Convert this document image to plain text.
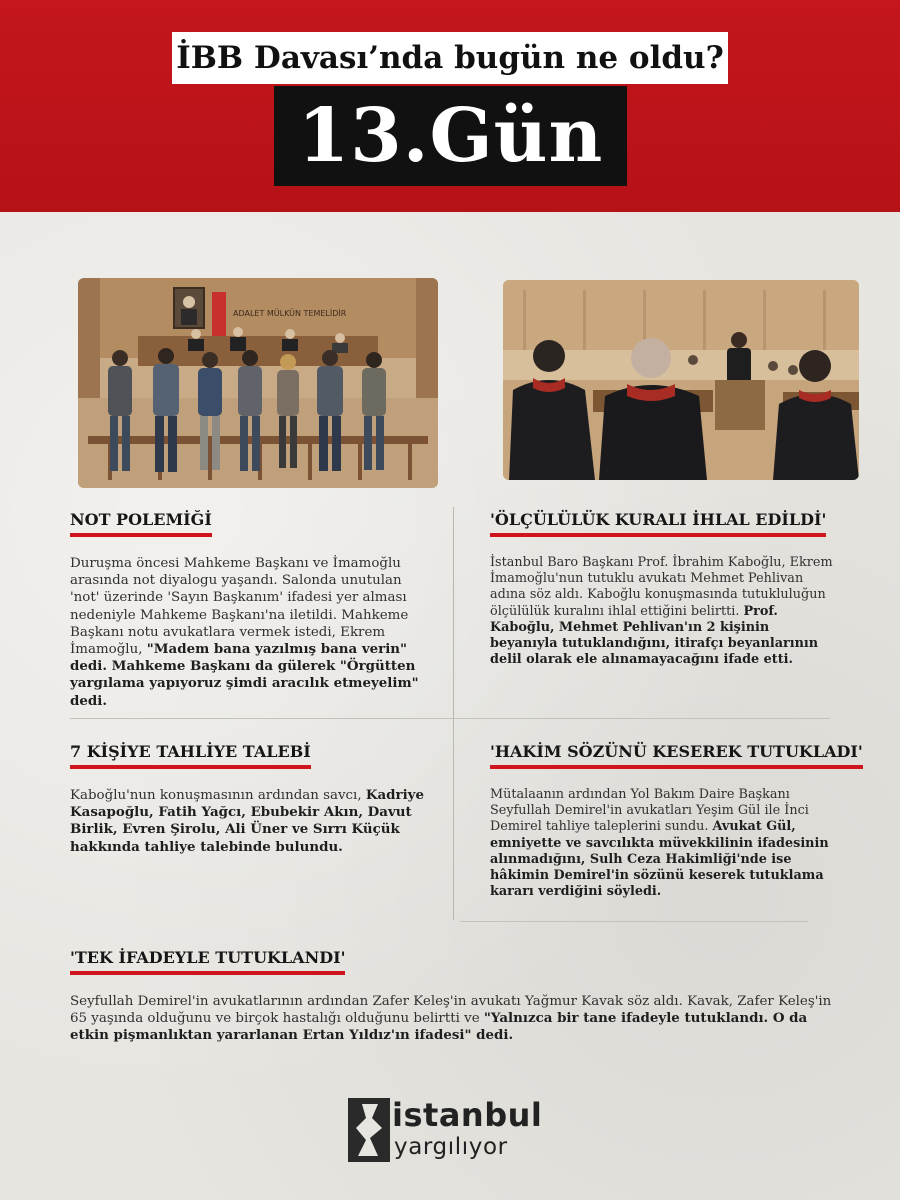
İBB Davası’nda bugün ne oldu?
13.Gün
ADALET MÜLKÜN TEMELİDİR
NOT POLEMİĞİ
Duruşma öncesi Mahkeme Başkanı ve İmamoğlu arasında not diyalogu yaşandı. Salonda unutulan 'not' üzerinde 'Sayın Başkanım' ifadesi yer alması nedeniyle Mahkeme Başkanı'na iletildi. Mahkeme Başkanı notu avukatlara vermek istedi, Ekrem İmamoğlu, "Madem bana yazılmış bana verin" dedi. Mahkeme Başkanı da gülerek "Örgütten yargılama yapıyoruz şimdi aracılık etmeyelim" dedi.
'ÖLÇÜLÜLÜK KURALI İHLAL EDİLDİ'
İstanbul Baro Başkanı Prof. İbrahim Kaboğlu, Ekrem İmamoğlu'nun tutuklu avukatı Mehmet Pehlivan adına söz aldı. Kaboğlu konuşmasında tutukluluğun ölçülülük kuralını ihlal ettiğini belirtti. Prof. Kaboğlu, Mehmet Pehlivan'ın 2 kişinin beyanıyla tutuklandığını, itirafçı beyanlarının delil olarak ele alınamayacağını ifade etti.
7 KİŞİYE TAHLİYE TALEBİ
Kaboğlu'nun konuşmasının ardından savcı, Kadriye Kasapoğlu, Fatih Yağcı, Ebubekir Akın, Davut Birlik, Evren Şirolu, Ali Üner ve Sırrı Küçük hakkında tahliye talebinde bulundu.
'HAKİM SÖZÜNÜ KESEREK TUTUKLADI'
Mütalaanın ardından Yol Bakım Daire Başkanı Seyfullah Demirel'in avukatları Yeşim Gül ile İnci Demirel tahliye taleplerini sundu. Avukat Gül, emniyette ve savcılıkta müvekkilinin ifadesinin alınmadığını, Sulh Ceza Hakimliği'nde ise hâkimin Demirel'in sözünü keserek tutuklama kararı verdiğini söyledi.
'TEK İFADEYLE TUTUKLANDI'
Seyfullah Demirel'in avukatlarının ardından Zafer Keleş'in avukatı Yağmur Kavak söz aldı. Kavak, Zafer Keleş'in 65 yaşında olduğunu ve birçok hastalığı olduğunu belirtti ve "Yalnızca bir tane ifadeyle tutuklandı. O da etkin pişmanlıktan yararlanan Ertan Yıldız'ın ifadesi" dedi.
istanbul
yargılıyor
